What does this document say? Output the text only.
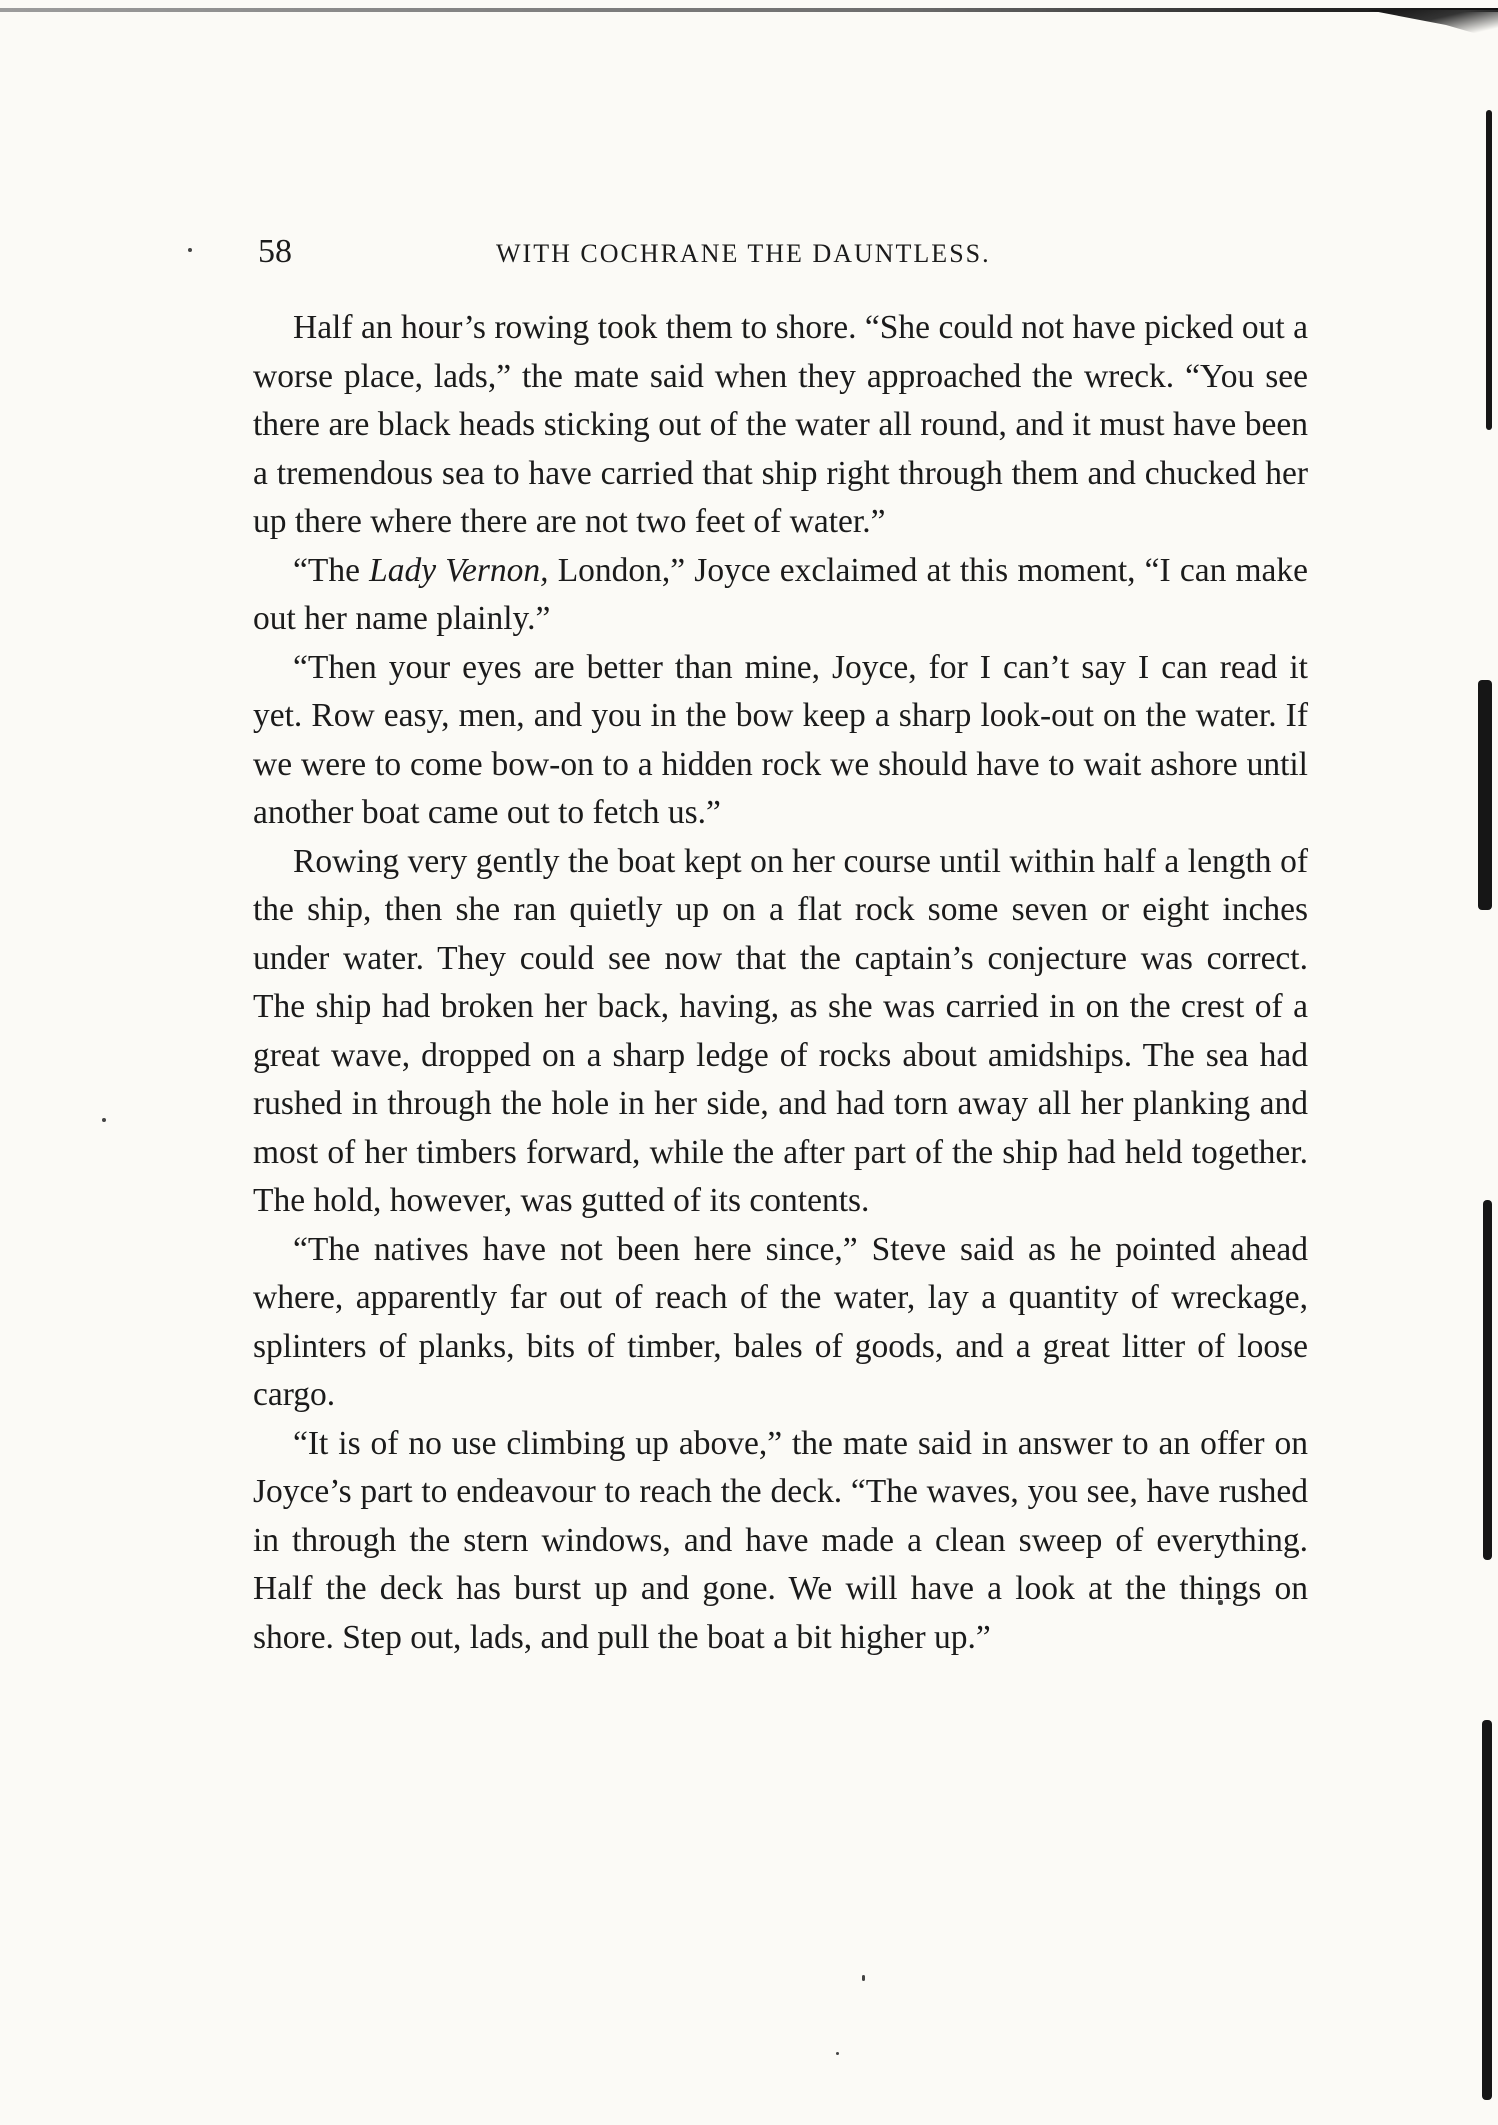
58	WITH COCHRANE THE DAUNTLESS.

Half an hour’s rowing took them to shore. “She could not have picked out a worse place, lads,” the mate said when they approached the wreck. “You see there are black heads sticking out of the water all round, and it must have been a tremendous sea to have carried that ship right through them and chucked her up there where there are not two feet of water.”

“The Lady Vernon, London,” Joyce exclaimed at this moment, “I can make out her name plainly.”

“Then your eyes are better than mine, Joyce, for I can’t say I can read it yet. Row easy, men, and you in the bow keep a sharp look-out on the water. If we were to come bow-on to a hidden rock we should have to wait ashore until another boat came out to fetch us.”

Rowing very gently the boat kept on her course until within half a length of the ship, then she ran quietly up on a flat rock some seven or eight inches under water. They could see now that the captain’s conjecture was correct. The ship had broken her back, having, as she was carried in on the crest of a great wave, dropped on a sharp ledge of rocks about amidships. The sea had rushed in through the hole in her side, and had torn away all her planking and most of her timbers forward, while the after part of the ship had held together. The hold, however, was gutted of its contents.

“The natives have not been here since,” Steve said as he pointed ahead where, apparently far out of reach of the water, lay a quantity of wreckage, splinters of planks, bits of timber, bales of goods, and a great litter of loose cargo.

“It is of no use climbing up above,” the mate said in answer to an offer on Joyce’s part to endeavour to reach the deck. “The waves, you see, have rushed in through the stern windows, and have made a clean sweep of everything. Half the deck has burst up and gone. We will have a look at the things on shore. Step out, lads, and pull the boat a bit higher up.”
